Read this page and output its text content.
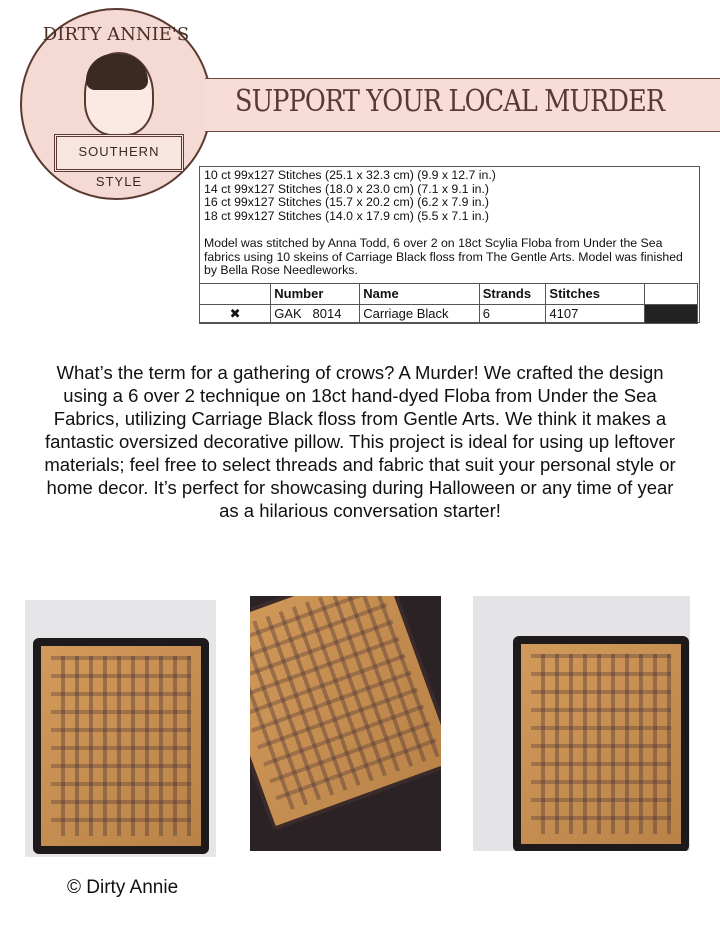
DIRTY ANNIE'S
SOUTHERN STYLE
SUPPORT YOUR LOCAL MURDER
10 ct 99x127 Stitches (25.1 x 32.3 cm) (9.9 x 12.7 in.)
14 ct 99x127 Stitches (18.0 x 23.0 cm) (7.1 x 9.1 in.)
16 ct 99x127 Stitches (15.7 x 20.2 cm) (6.2 x 7.9 in.)
18 ct 99x127 Stitches (14.0 x 17.9 cm) (5.5 x 7.1 in.)
Model was stitched by Anna Todd, 6 over 2 on 18ct Scylia Floba from Under the Sea fabrics using 10 skeins of Carriage Black floss from The Gentle Arts. Model was finished by Bella Rose Needleworks.
	Number	Name	Strands	Stitches	
✖	GAK   8014	Carriage Black	6	4107	
What’s the term for a gathering of crows? A Murder! We crafted the design using a 6 over 2 technique on 18ct hand-dyed Floba from Under the Sea Fabrics, utilizing Carriage Black floss from Gentle Arts. We think it makes a fantastic oversized decorative pillow. This project is ideal for using up leftover materials; feel free to select threads and fabric that suit your personal style or home decor. It’s perfect for showcasing during Halloween or any time of year as a hilarious conversation starter!
© Dirty Annie
